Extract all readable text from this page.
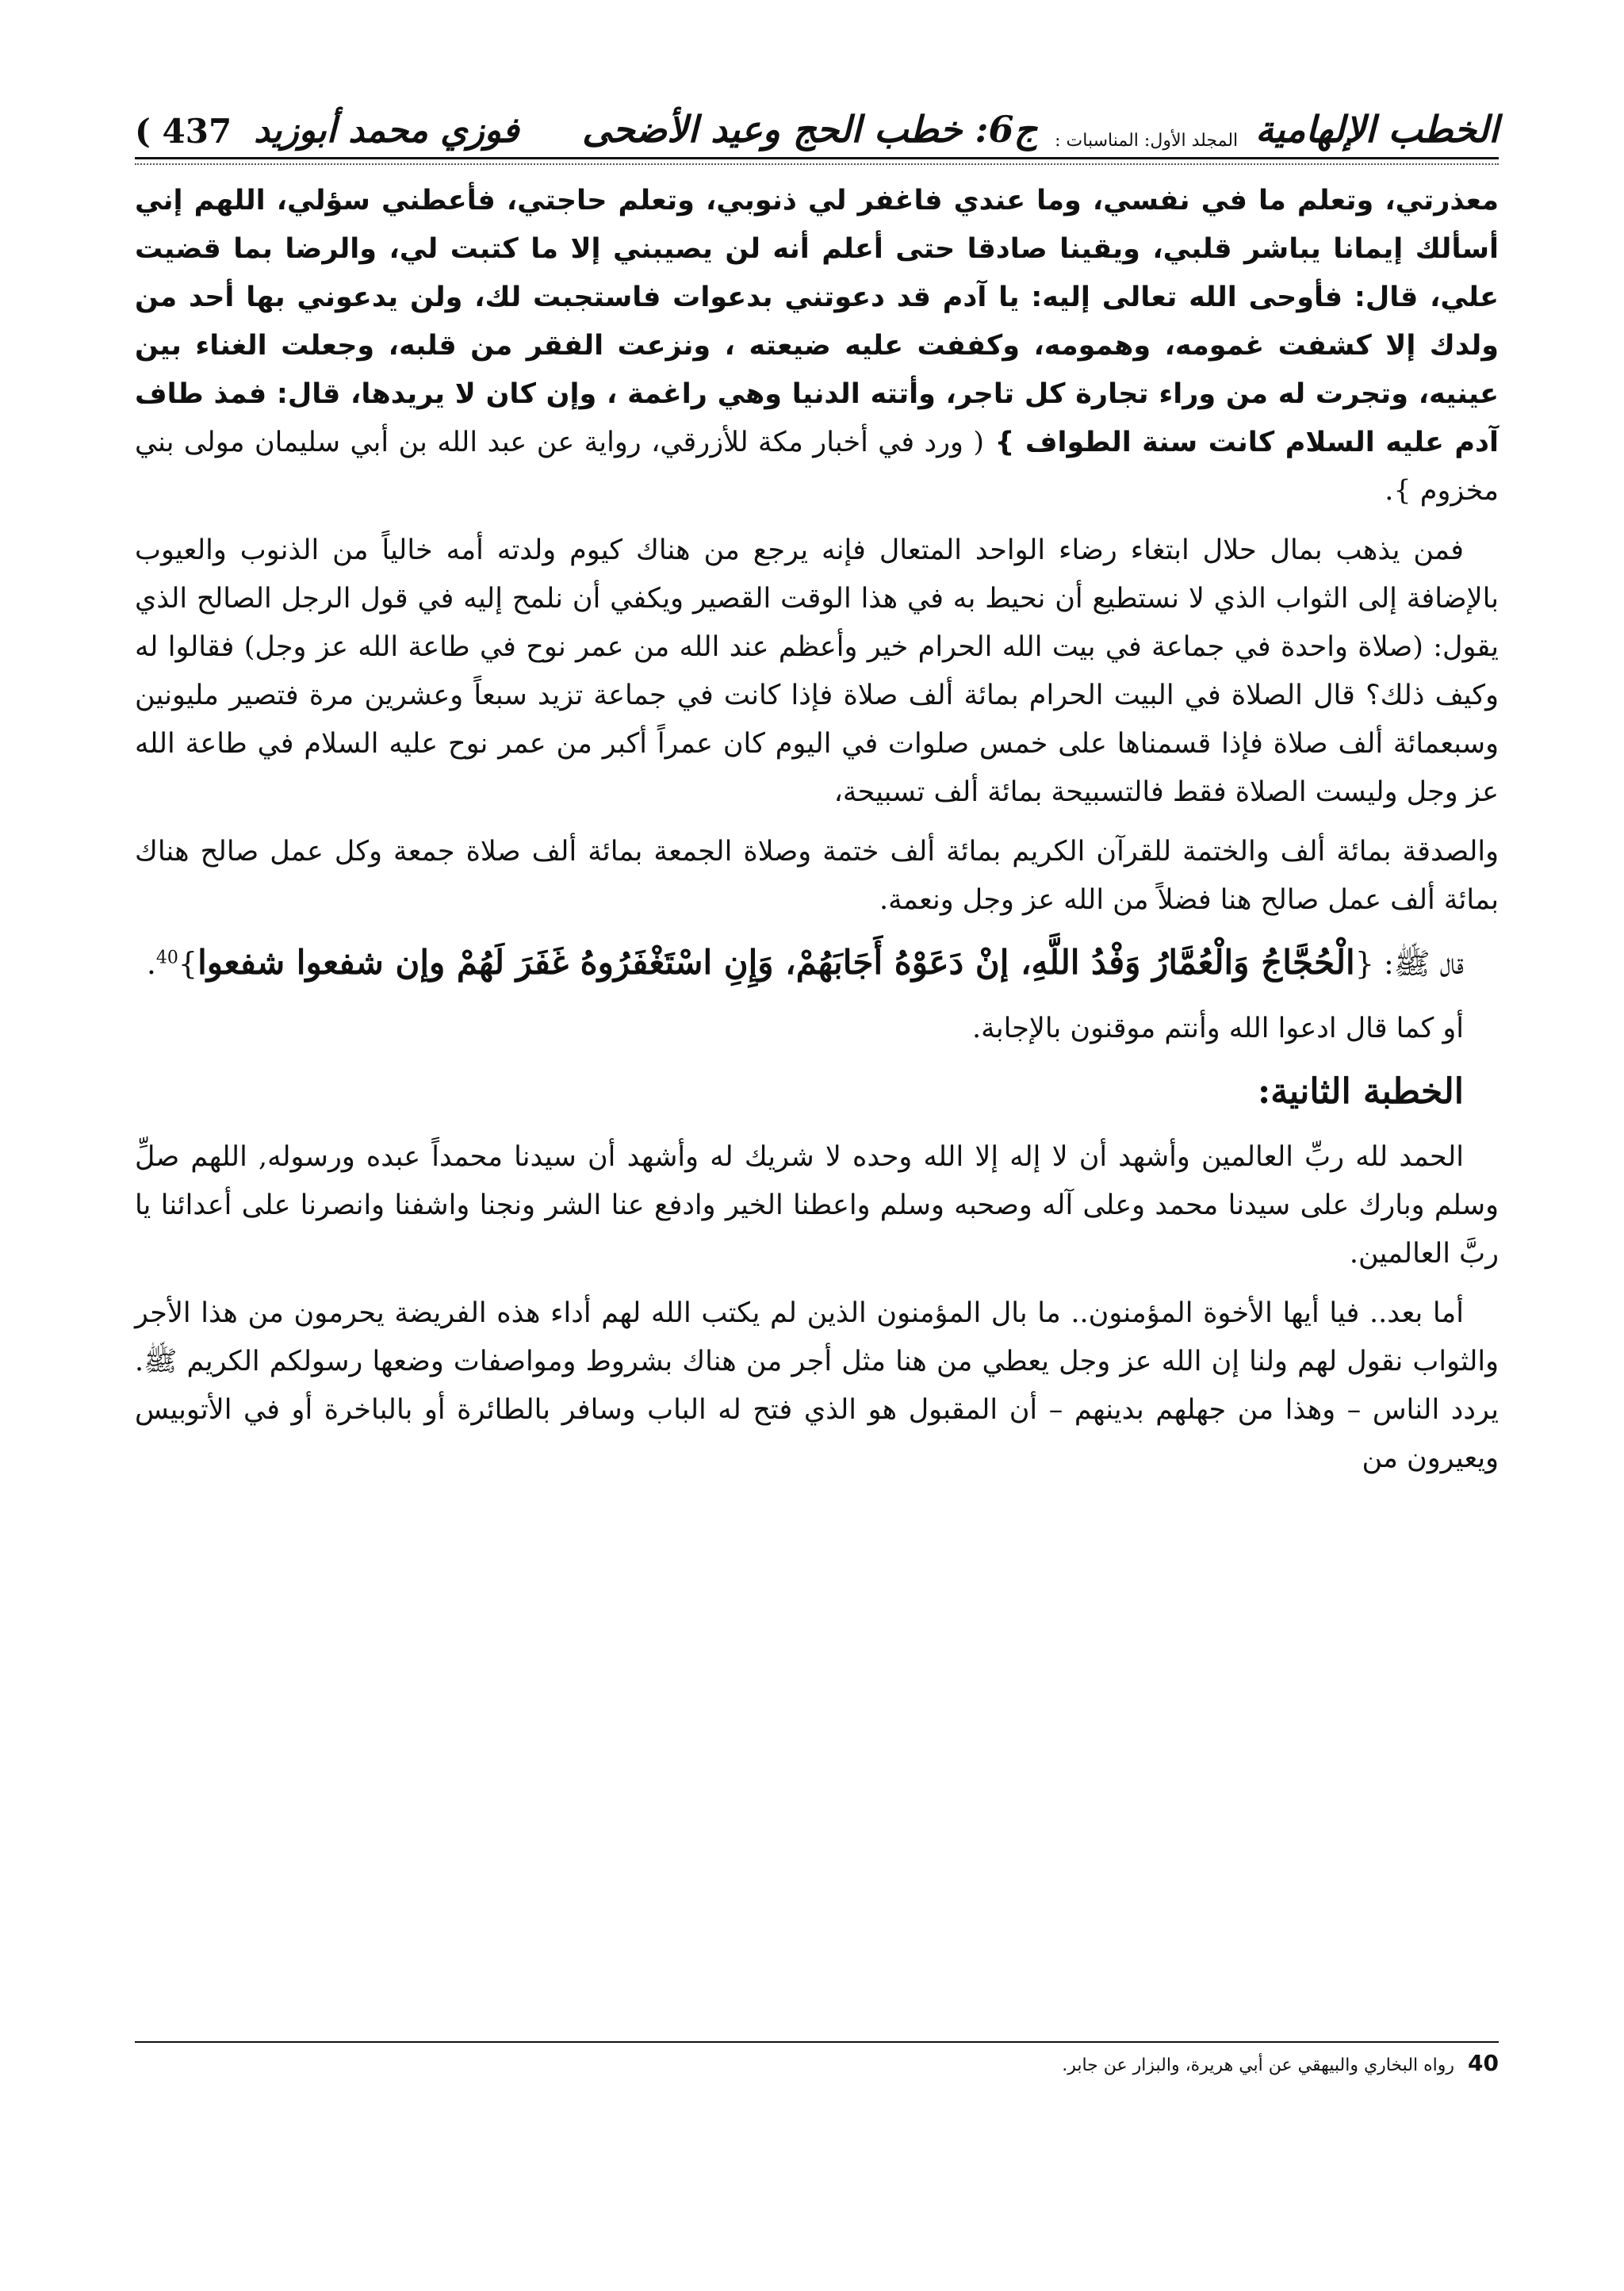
الخطب الإلهامية
المجلد الأول: المناسبات :
ج6: خطب الحج وعيد الأضحى
فوزي محمد أبوزيد
( 437
معذرتي، وتعلم ما في نفسي، وما عندي فاغفر لي ذنوبي، وتعلم حاجتي، فأعطني سؤلي، اللهم إني أسألك إيمانا يباشر قلبي، ويقينا صادقا حتى أعلم أنه لن يصيبني إلا ما كتبت لي، والرضا بما قضيت علي، قال: فأوحى الله تعالى إليه: يا آدم قد دعوتني بدعوات فاستجبت لك، ولن يدعوني بها أحد من ولدك إلا كشفت غمومه، وهمومه، وكففت عليه ضيعته ، ونزعت الفقر من قلبه، وجعلت الغناء بين عينيه، وتجرت له من وراء تجارة كل تاجر، وأتته الدنيا وهي راغمة ، وإن كان لا يريدها، قال: فمذ طاف آدم عليه السلام كانت سنة الطواف } ( ورد في أخبار مكة للأزرقي، رواية عن عبد الله بن أبي سليمان مولى بني مخزوم }.

فمن يذهب بمال حلال ابتغاء رضاء الواحد المتعال فإنه يرجع من هناك كيوم ولدته أمه خالياً من الذنوب والعيوب بالإضافة إلى الثواب الذي لا نستطيع أن نحيط به في هذا الوقت القصير ويكفي أن نلمح إليه في قول الرجل الصالح الذي يقول: (صلاة واحدة في جماعة في بيت الله الحرام خير وأعظم عند الله من عمر نوح في طاعة الله عز وجل) فقالوا له وكيف ذلك؟ قال الصلاة في البيت الحرام بمائة ألف صلاة فإذا كانت في جماعة تزيد سبعاً وعشرين مرة فتصير مليونين وسبعمائة ألف صلاة فإذا قسمناها على خمس صلوات في اليوم كان عمراً أكبر من عمر نوح عليه السلام في طاعة الله عز وجل وليست الصلاة فقط فالتسبيحة بمائة ألف تسبيحة،

والصدقة بمائة ألف والختمة للقرآن الكريم بمائة ألف ختمة وصلاة الجمعة بمائة ألف صلاة جمعة وكل عمل صالح هناك بمائة ألف عمل صالح هنا فضلاً من الله عز وجل ونعمة.

قال ﷺ: {الْحُجَّاجُ وَالْعُمَّارُ وَفْدُ اللَّهِ، إنْ دَعَوْهُ أَجَابَهُمْ، وَإِنِ اسْتَغْفَرُوهُ غَفَرَ لَهُمْ وإن شفعوا شفعوا}$^{40}$.

أو كما قال ادعوا الله وأنتم موقنون بالإجابة.

الخطبة الثانية:

الحمد لله ربِّ العالمين وأشهد أن لا إله إلا الله وحده لا شريك له وأشهد أن سيدنا محمداً عبده ورسوله, اللهم صلِّ وسلم وبارك على سيدنا محمد وعلى آله وصحبه وسلم واعطنا الخير وادفع عنا الشر ونجنا واشفنا وانصرنا على أعدائنا يا ربَّ العالمين.

أما بعد.. فيا أيها الأخوة المؤمنون.. ما بال المؤمنون الذين لم يكتب الله لهم أداء هذه الفريضة يحرمون من هذا الأجر والثواب نقول لهم ولنا إن الله عز وجل يعطي من هنا مثل أجر من هناك بشروط ومواصفات وضعها رسولكم الكريم ﷺ. يردد الناس – وهذا من جهلهم بدينهم – أن المقبول هو الذي فتح له الباب وسافر بالطائرة أو بالباخرة أو في الأتوبيس ويعيرون من

40 رواه البخاري والبيهقي عن أبي هريرة، والبزار عن جابر.
